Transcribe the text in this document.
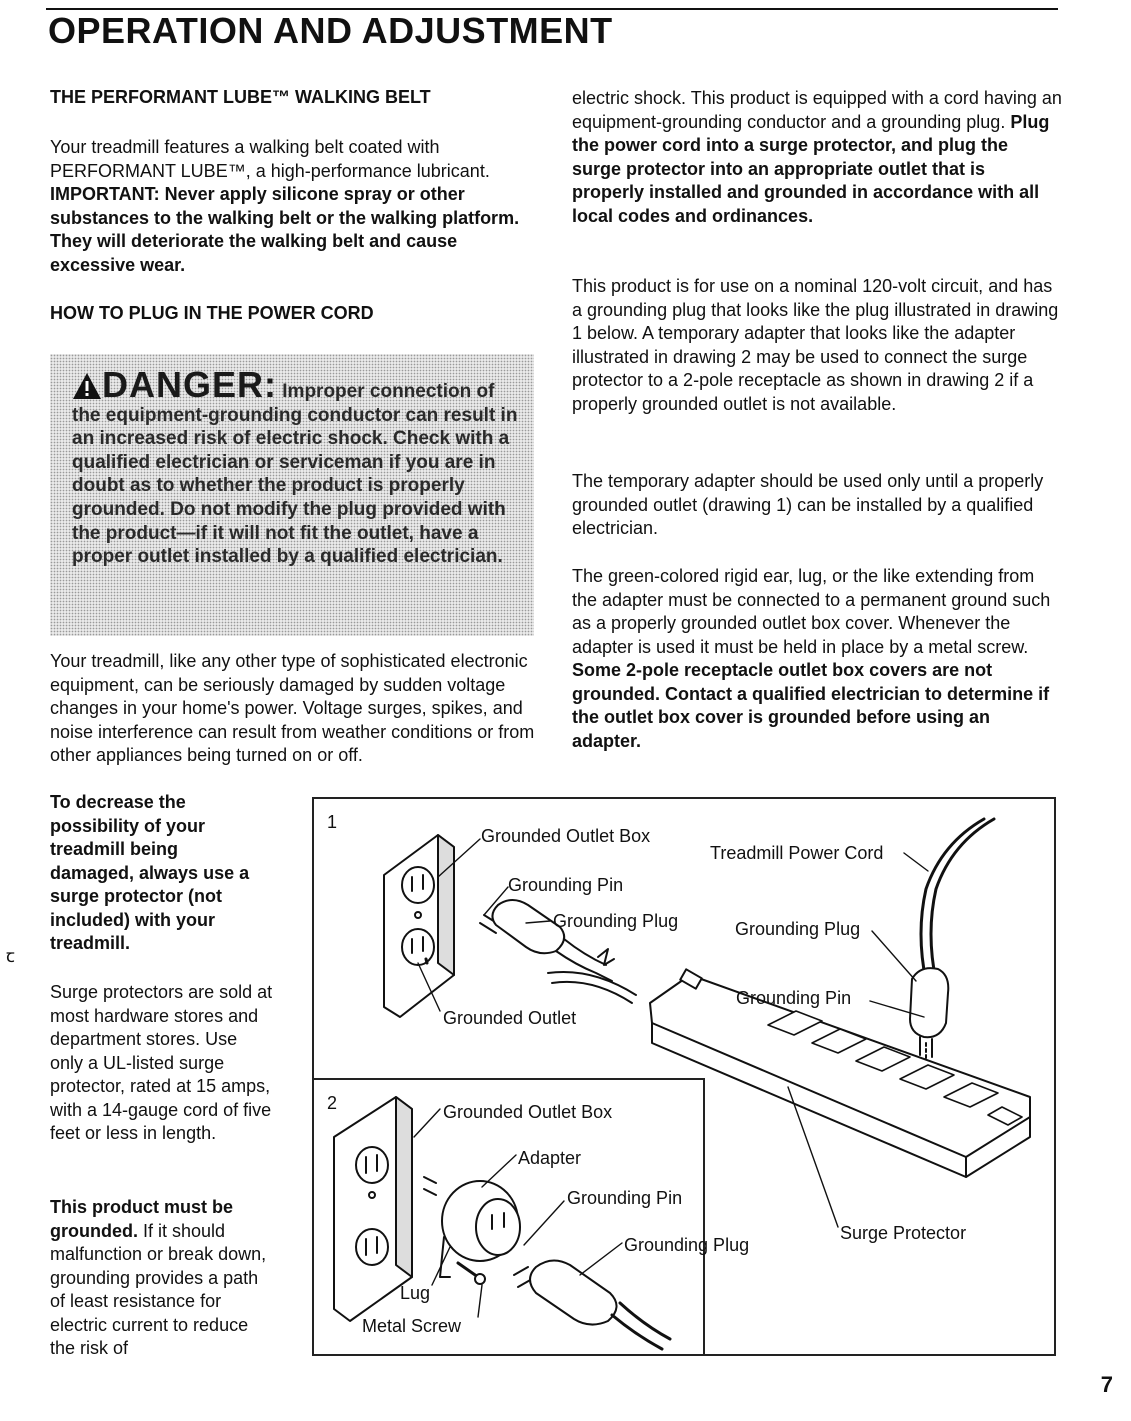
OPERATION AND ADJUSTMENT
THE PERFORMANT LUBE™ WALKING BELT
Your treadmill features a walking belt coated with PERFORMANT LUBE™, a high-performance lubricant. IMPORTANT: Never apply silicone spray or other substances to the walking belt or the walking platform. They will deteriorate the walking belt and cause excessive wear.
HOW TO PLUG IN THE POWER CORD
DANGER: Improper connection of the equipment-grounding conductor can result in an increased risk of electric shock. Check with a qualified electrician or serviceman if you are in doubt as to whether the product is properly grounded. Do not modify the plug provided with the product—if it will not fit the outlet, have a proper outlet installed by a qualified electrician.
Your treadmill, like any other type of sophisticated electronic equipment, can be seriously damaged by sudden voltage changes in your home's power. Voltage surges, spikes, and noise interference can result from weather conditions or from other appliances being turned on or off.
To decrease the possibility of your treadmill being damaged, always use a surge protector (not included) with your treadmill.
Surge protectors are sold at most hardware stores and department stores. Use only a UL-listed surge protector, rated at 15 amps, with a 14-gauge cord of five feet or less in length.
This product must be grounded. If it should malfunction or break down, grounding provides a path of least resistance for electric current to reduce the risk of
ꞇ
electric shock. This product is equipped with a cord having an equipment-grounding conductor and a grounding plug. Plug the power cord into a surge protector, and plug the surge protector into an appropriate outlet that is properly installed and grounded in accordance with all local codes and ordinances.
This product is for use on a nominal 120-volt circuit, and has a grounding plug that looks like the plug illustrated in drawing 1 below. A temporary adapter that looks like the adapter illustrated in drawing 2 may be used to connect the surge protector to a 2-pole receptacle as shown in drawing 2 if a properly grounded outlet is not available.
The temporary adapter should be used only until a properly grounded outlet (drawing 1) can be installed by a qualified electrician.
The green-colored rigid ear, lug, or the like extending from the adapter must be connected to a permanent ground such as a properly grounded outlet box cover. Whenever the adapter is used it must be held in place by a metal screw. Some 2-pole receptacle outlet box covers are not grounded. Contact a qualified electrician to determine if the outlet box cover is grounded before using an adapter.
1
2
Grounded Outlet Box
Grounding Pin
Grounding Plug
Grounded Outlet
Treadmill Power Cord
Grounding Plug
Grounding Pin
Surge Protector
Grounded Outlet Box
Adapter
Grounding Pin
Grounding Plug
Lug
Metal Screw
7
